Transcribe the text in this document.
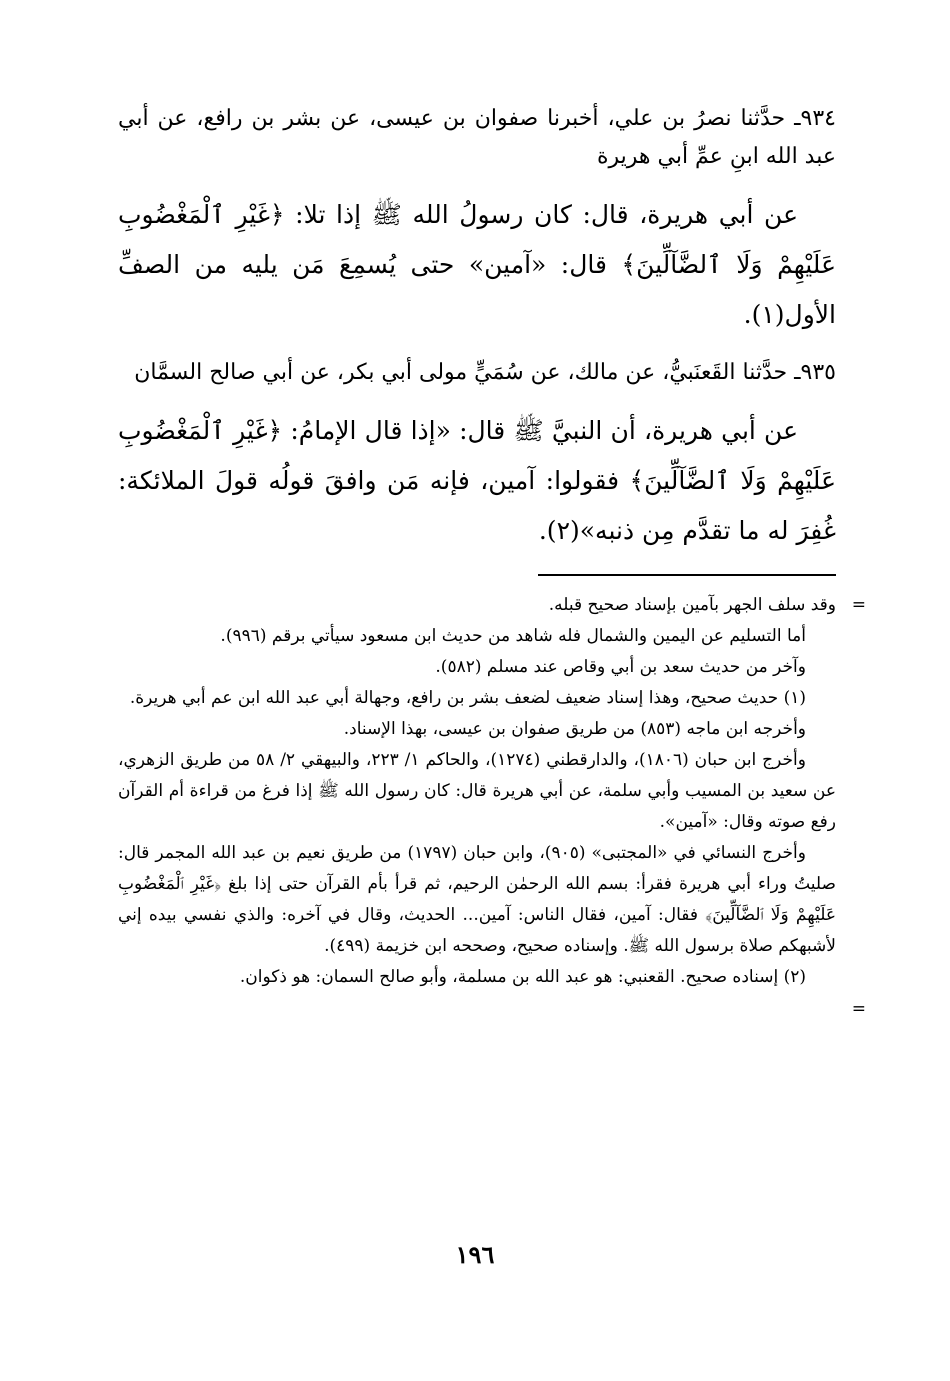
٩٣٤ـ حدَّثنا نصرُ بن علي، أخبرنا صفوان بن عيسى، عن بشر بن رافع، عن أبي عبد الله ابنِ عمِّ أبي هريرة

عن أبي هريرة، قال: كان رسولُ الله ﷺ إذا تلا: ﴿غَيْرِ ٱلْمَغْضُوبِ عَلَيْهِمْ وَلَا ٱلضَّآلِّينَ﴾ قال: «آمين» حتى يُسمِعَ مَن يليه من الصفِّ الأول(١).

٩٣٥ـ حدَّثنا القَعنَبيُّ، عن مالك، عن سُمَيٍّ مولى أبي بكر، عن أبي صالح السمَّان

عن أبي هريرة، أن النبيَّ ﷺ قال: «إذا قال الإمامُ: ﴿غَيْرِ ٱلْمَغْضُوبِ عَلَيْهِمْ وَلَا ٱلضَّآلِّينَ﴾ فقولوا: آمين، فإنه مَن وافقَ قولُه قولَ الملائكة: غُفِرَ له ما تقدَّم مِن ذنبه»(٢).

=
وقد سلف الجهر بآمين بإسناد صحيح قبله.

أما التسليم عن اليمين والشمال فله شاهد من حديث ابن مسعود سيأتي برقم (٩٩٦).

وآخر من حديث سعد بن أبي وقاص عند مسلم (٥٨٢).

(١) حديث صحيح، وهذا إسناد ضعيف لضعف بشر بن رافع، وجهالة أبي عبد الله ابن عم أبي هريرة.

وأخرجه ابن ماجه (٨٥٣) من طريق صفوان بن عيسى، بهذا الإسناد.

وأخرج ابن حبان (١٨٠٦)، والدارقطني (١٢٧٤)، والحاكم ١/ ٢٢٣، والبيهقي ٢/ ٥٨ من طريق الزهري، عن سعيد بن المسيب وأبي سلمة، عن أبي هريرة قال: كان رسول الله ﷺ إذا فرغ من قراءة أم القرآن رفع صوته وقال: «آمين».

وأخرج النسائي في «المجتبى» (٩٠٥)، وابن حبان (١٧٩٧) من طريق نعيم بن عبد الله المجمر قال: صليتُ وراء أبي هريرة فقرأ: بسم الله الرحمٰن الرحيم، ثم قرأ بأم القرآن حتى إذا بلغ ﴿غَيْرِ ٱلْمَغْضُوبِ عَلَيْهِمْ وَلَا ٱلضَّآلِّينَ﴾ فقال: آمين، فقال الناس: آمين... الحديث، وقال في آخره: والذي نفسي بيده إني لأشبهكم صلاة برسول الله ﷺ. وإسناده صحيح، وصححه ابن خزيمة (٤٩٩).

(٢) إسناده صحيح. القعنبي: هو عبد الله بن مسلمة، وأبو صالح السمان: هو ذكوان.

=
١٩٦
